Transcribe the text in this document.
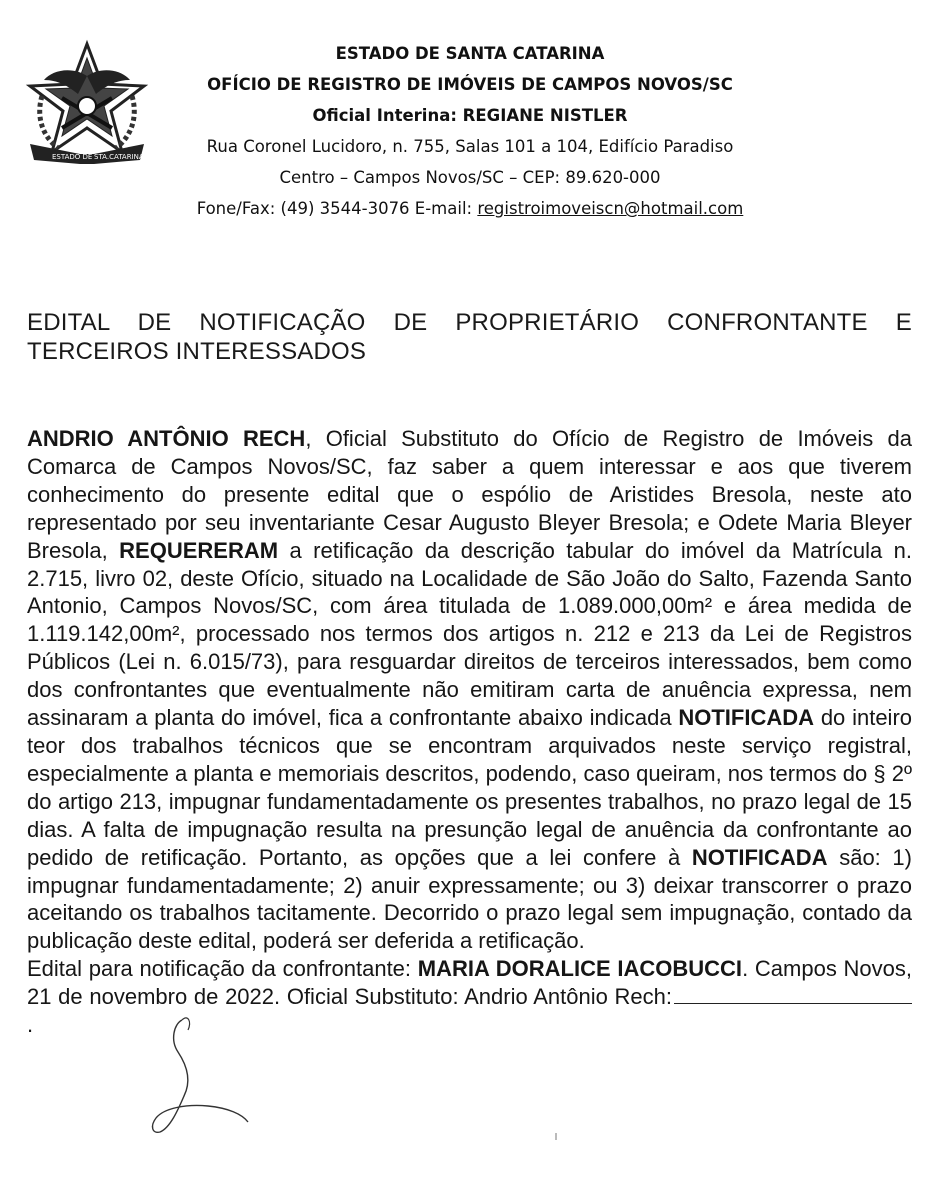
ESTADO DE STA.CATARINA
ESTADO DE SANTA CATARINA
OFÍCIO DE REGISTRO DE IMÓVEIS DE CAMPOS NOVOS/SC
Oficial Interina: REGIANE NISTLER
Rua Coronel Lucidoro, n. 755, Salas 101 a 104, Edifício Paradiso
Centro – Campos Novos/SC – CEP: 89.620-000
Fone/Fax: (49) 3544-3076 E-mail: registroimoveiscn@hotmail.com
EDITAL DE NOTIFICAÇÃO DE PROPRIETÁRIO CONFRONTANTE E TERCEIROS INTERESSADOS

ANDRIO ANTÔNIO RECH, Oficial Substituto do Ofício de Registro de Imóveis da Comarca de Campos Novos/SC, faz saber a quem interessar e aos que tiverem conhecimento do presente edital que o espólio de Aristides Bresola, neste ato representado por seu inventariante Cesar Augusto Bleyer Bresola; e Odete Maria Bleyer Bresola, REQUERERAM a retificação da descrição tabular do imóvel da Matrícula n. 2.715, livro 02, deste Ofício, situado na Localidade de São João do Salto, Fazenda Santo Antonio, Campos Novos/SC, com área titulada de 1.089.000,00m² e área medida de 1.119.142,00m², processado nos termos dos artigos n. 212 e 213 da Lei de Registros Públicos (Lei n. 6.015/73), para resguardar direitos de terceiros interessados, bem como dos confrontantes que eventualmente não emitiram carta de anuência expressa, nem assinaram a planta do imóvel, fica a confrontante abaixo indicada NOTIFICADA do inteiro teor dos trabalhos técnicos que se encontram arquivados neste serviço registral, especialmente a planta e memoriais descritos, podendo, caso queiram, nos termos do § 2º do artigo 213, impugnar fundamentadamente os presentes trabalhos, no prazo legal de 15 dias. A falta de impugnação resulta na presunção legal de anuência da confrontante ao pedido de retificação. Portanto, as opções que a lei confere à NOTIFICADA são: 1) impugnar fundamentadamente; 2) anuir expressamente; ou 3) deixar transcorrer o prazo aceitando os trabalhos tacitamente. Decorrido o prazo legal sem impugnação, contado da publicação deste edital, poderá ser deferida a retificação.

Edital para notificação da confrontante: MARIA DORALICE IACOBUCCI. Campos Novos, 21 de novembro de 2022. Oficial Substituto: Andrio Antônio Rech:.
